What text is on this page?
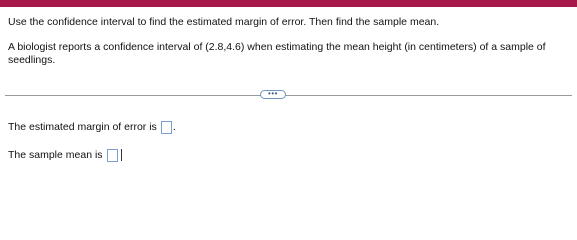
Use the confidence interval to find the estimated margin of error. Then find the sample mean.

A biologist reports a confidence interval of (2.8,4.6) when estimating the mean height (in centimeters) of a sample of seedlings.

•••
The estimated margin of error is .
The sample mean is
